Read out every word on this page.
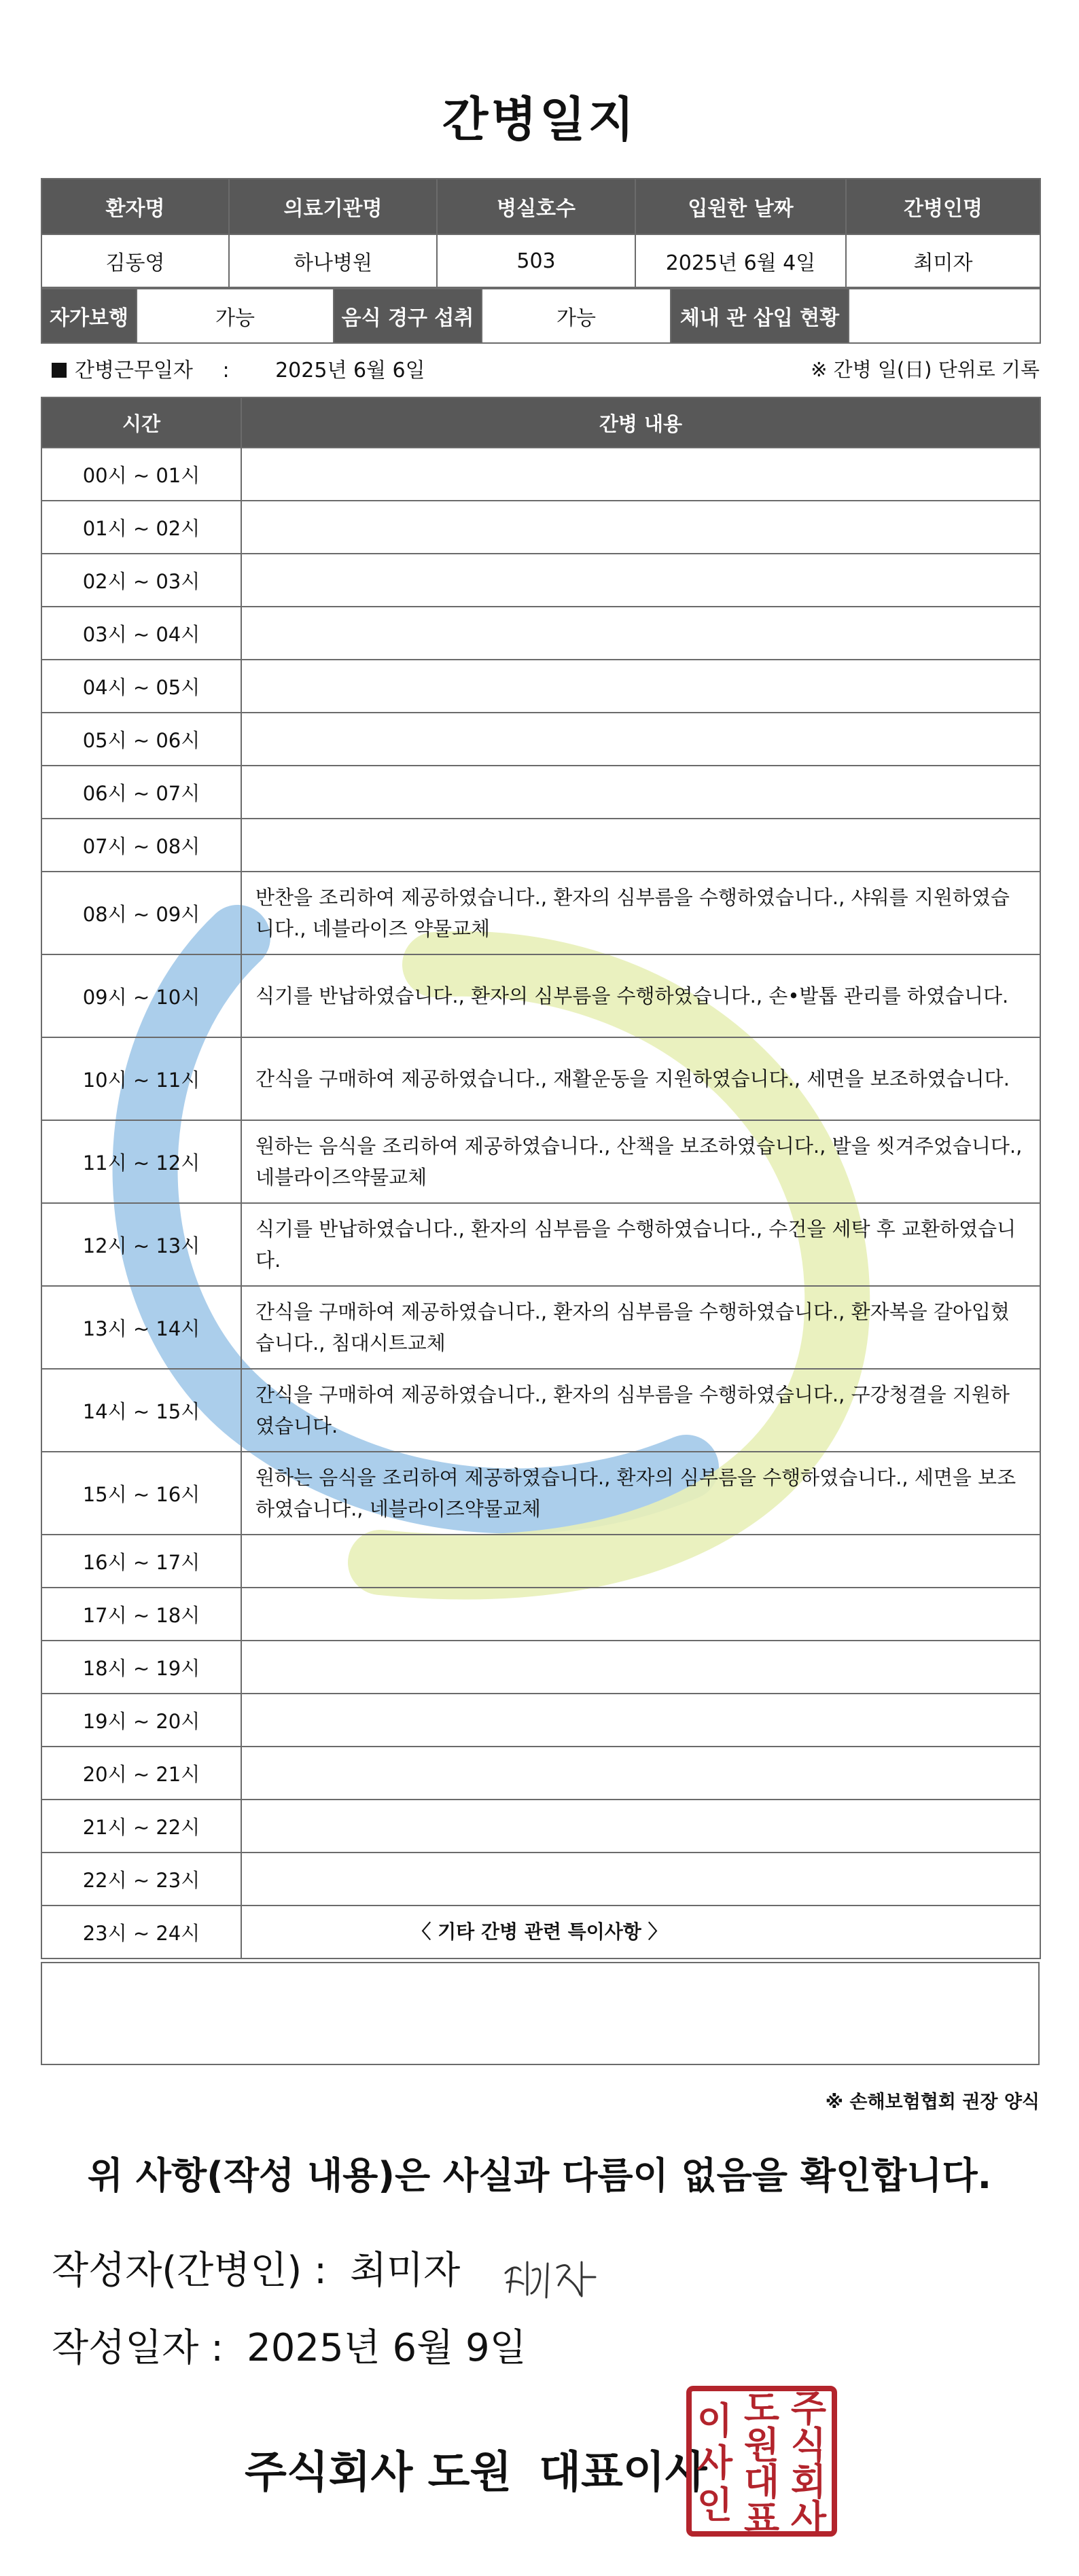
간병일지
환자명	의료기관명	병실호수	입원한 날짜	간병인명
김동영	하나병원	503	2025년 6월 4일	최미자
자가보행	가능	음식 경구 섭취	가능	체내 관 삽입 현황	
간병근무일자 : 2025년 6월 6일	※ 간병 일(日) 단위로 기록
시간	간병 내용
00시 ~ 01시	
01시 ~ 02시	
02시 ~ 03시	
03시 ~ 04시	
04시 ~ 05시	
05시 ~ 06시	
06시 ~ 07시	
07시 ~ 08시	
08시 ~ 09시	반찬을 조리하여 제공하였습니다., 환자의 심부름을 수행하였습니다., 샤워를 지원하였습니다., 네블라이즈 약물교체
09시 ~ 10시	식기를 반납하였습니다., 환자의 심부름을 수행하였습니다., 손•발톱 관리를 하였습니다.
10시 ~ 11시	간식을 구매하여 제공하였습니다., 재활운동을 지원하였습니다., 세면을 보조하였습니다.
11시 ~ 12시	원하는 음식을 조리하여 제공하였습니다., 산책을 보조하였습니다., 발을 씻겨주었습니다., 네블라이즈약물교체
12시 ~ 13시	식기를 반납하였습니다., 환자의 심부름을 수행하였습니다., 수건을 세탁 후 교환하였습니다.
13시 ~ 14시	간식을 구매하여 제공하였습니다., 환자의 심부름을 수행하였습니다., 환자복을 갈아입혔습니다., 침대시트교체
14시 ~ 15시	간식을 구매하여 제공하였습니다., 환자의 심부름을 수행하였습니다., 구강청결을 지원하였습니다.
15시 ~ 16시	원하는 음식을 조리하여 제공하였습니다., 환자의 심부름을 수행하였습니다., 세면을 보조하였습니다., 네블라이즈약물교체
16시 ~ 17시	
17시 ~ 18시	
18시 ~ 19시	
19시 ~ 20시	
20시 ~ 21시	
21시 ~ 22시	
22시 ~ 23시	
23시 ~ 24시		〈 기타 간병 관련 특이사항 〉
※ 손해보험협회 권장 양식
위 사항(작성 내용)은 사실과 다름이 없음을 확인합니다.
작성자(간병인) : 최미자
작성일자 : 2025년 6월 9일
주식회사 도원 대표이사
주
식
회
사
도
원
대
표
이
사
인
